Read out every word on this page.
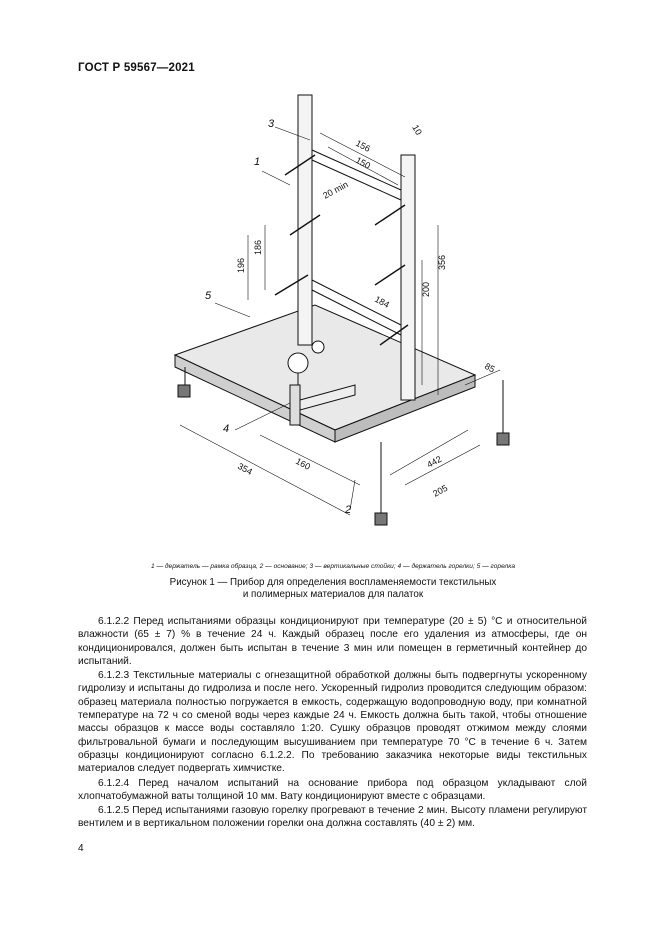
ГОСТ Р 59567—2021
3
1
5
4
2
156
150
10
20 min
196
186
356
200
184
85
442
354	160
205
1 — держатель — рамка образца, 2 — основание; 3 — вертикальные стойки; 4 — держатель горелки; 5 — горелка
Рисунок 1 — Прибор для определения воспламеняемости текстильных
и полимерных материалов для палаток

6.1.2.2 Перед испытаниями образцы кондиционируют при температуре (20 ± 5) °С и относительной влажности (65 ± 7) % в течение 24 ч. Каждый образец после его удаления из атмосферы, где он кондиционировался, должен быть испытан в течение 3 мин или помещен в герметичный контейнер до испытаний.

6.1.2.3 Текстильные материалы с огнезащитной обработкой должны быть подвергнуты ускоренному гидролизу и испытаны до гидролиза и после него. Ускоренный гидролиз проводится следующим образом: образец материала полностью погружается в емкость, содержащую водопроводную воду, при комнатной температуре на 72 ч со сменой воды через каждые 24 ч. Емкость должна быть такой, чтобы отношение массы образцов к массе воды составляло 1:20. Сушку образцов проводят отжимом между слоями фильтровальной бумаги и последующим высушиванием при температуре 70 °С в течение 6 ч. Затем образцы кондиционируют согласно 6.1.2.2. По требованию заказчика некоторые виды текстильных материалов следует подвергать химчистке.

6.1.2.4 Перед началом испытаний на основание прибора под образцом укладывают слой хлопчатобумажной ваты толщиной 10 мм. Вату кондиционируют вместе с образцами.

6.1.2.5 Перед испытаниями газовую горелку прогревают в течение 2 мин. Высоту пламени регулируют вентилем и в вертикальном положении горелки она должна составлять (40 ± 2) мм.

4
